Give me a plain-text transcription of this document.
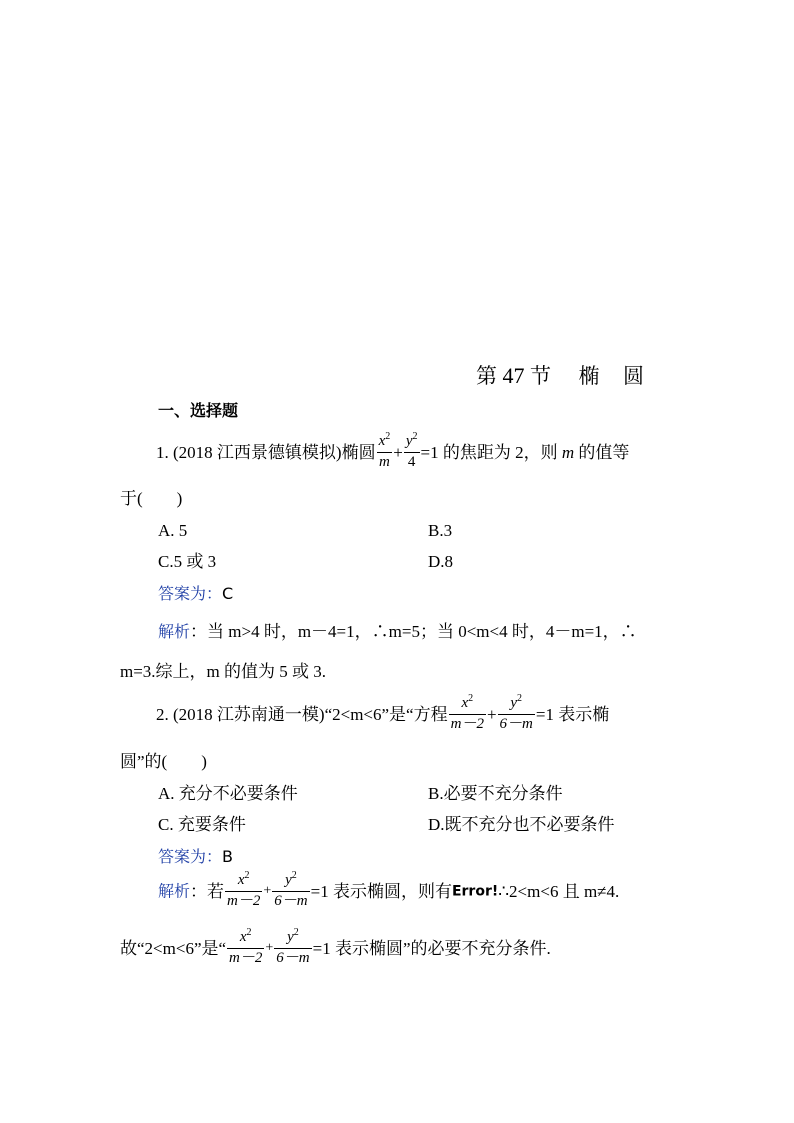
第 47 节 椭 圆
一、选择题
1. (2018 江西景德镇模拟)椭圆 $\frac{x^2}{m} + \frac{y^2}{4} =1$ 的焦距为 2，则 m 的值等
于(　　)
A. 5	B.3
C.5 或 3	D.8
答案为：C
解析：当 m>4 时，m－4=1，∴m=5；当 0<m<4 时，4－m=1，∴
m=3.综上，m 的值为 5 或 3.
2. (2018 江苏南通一模)“2<m<6”是“方程 $\frac{x^2}{m-2} + \frac{y^2}{6-m} =1$ 表示椭
圆”的(　　)
A. 充分不必要条件	B.必要不充分条件
C. 充要条件	D.既不充分也不必要条件
答案为：B
解析：若 $\frac{x^2}{m-2} + \frac{y^2}{6-m} =1$ 表示椭圆，则有Error!∴2<m<6 且 m≠4.
故“2<m<6”是“ $\frac{x^2}{m-2} + \frac{y^2}{6-m} =1$ 表示椭圆”的必要不充分条件.
